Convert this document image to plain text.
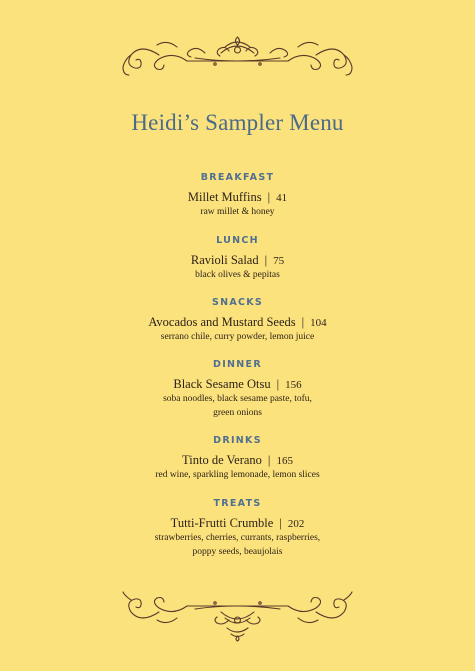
Heidi’s Sampler Menu
BREAKFAST
Millet Muffins | 41
raw millet & honey
LUNCH
Ravioli Salad | 75
black olives & pepitas
SNACKS
Avocados and Mustard Seeds | 104
serrano chile, curry powder, lemon juice
DINNER
Black Sesame Otsu | 156
soba noodles, black sesame paste, tofu, green onions
DRINKS
Tinto de Verano | 165
red wine, sparkling lemonade, lemon slices
TREATS
Tutti-Frutti Crumble | 202
strawberries, cherries, currants, raspberries, poppy seeds, beaujolais
